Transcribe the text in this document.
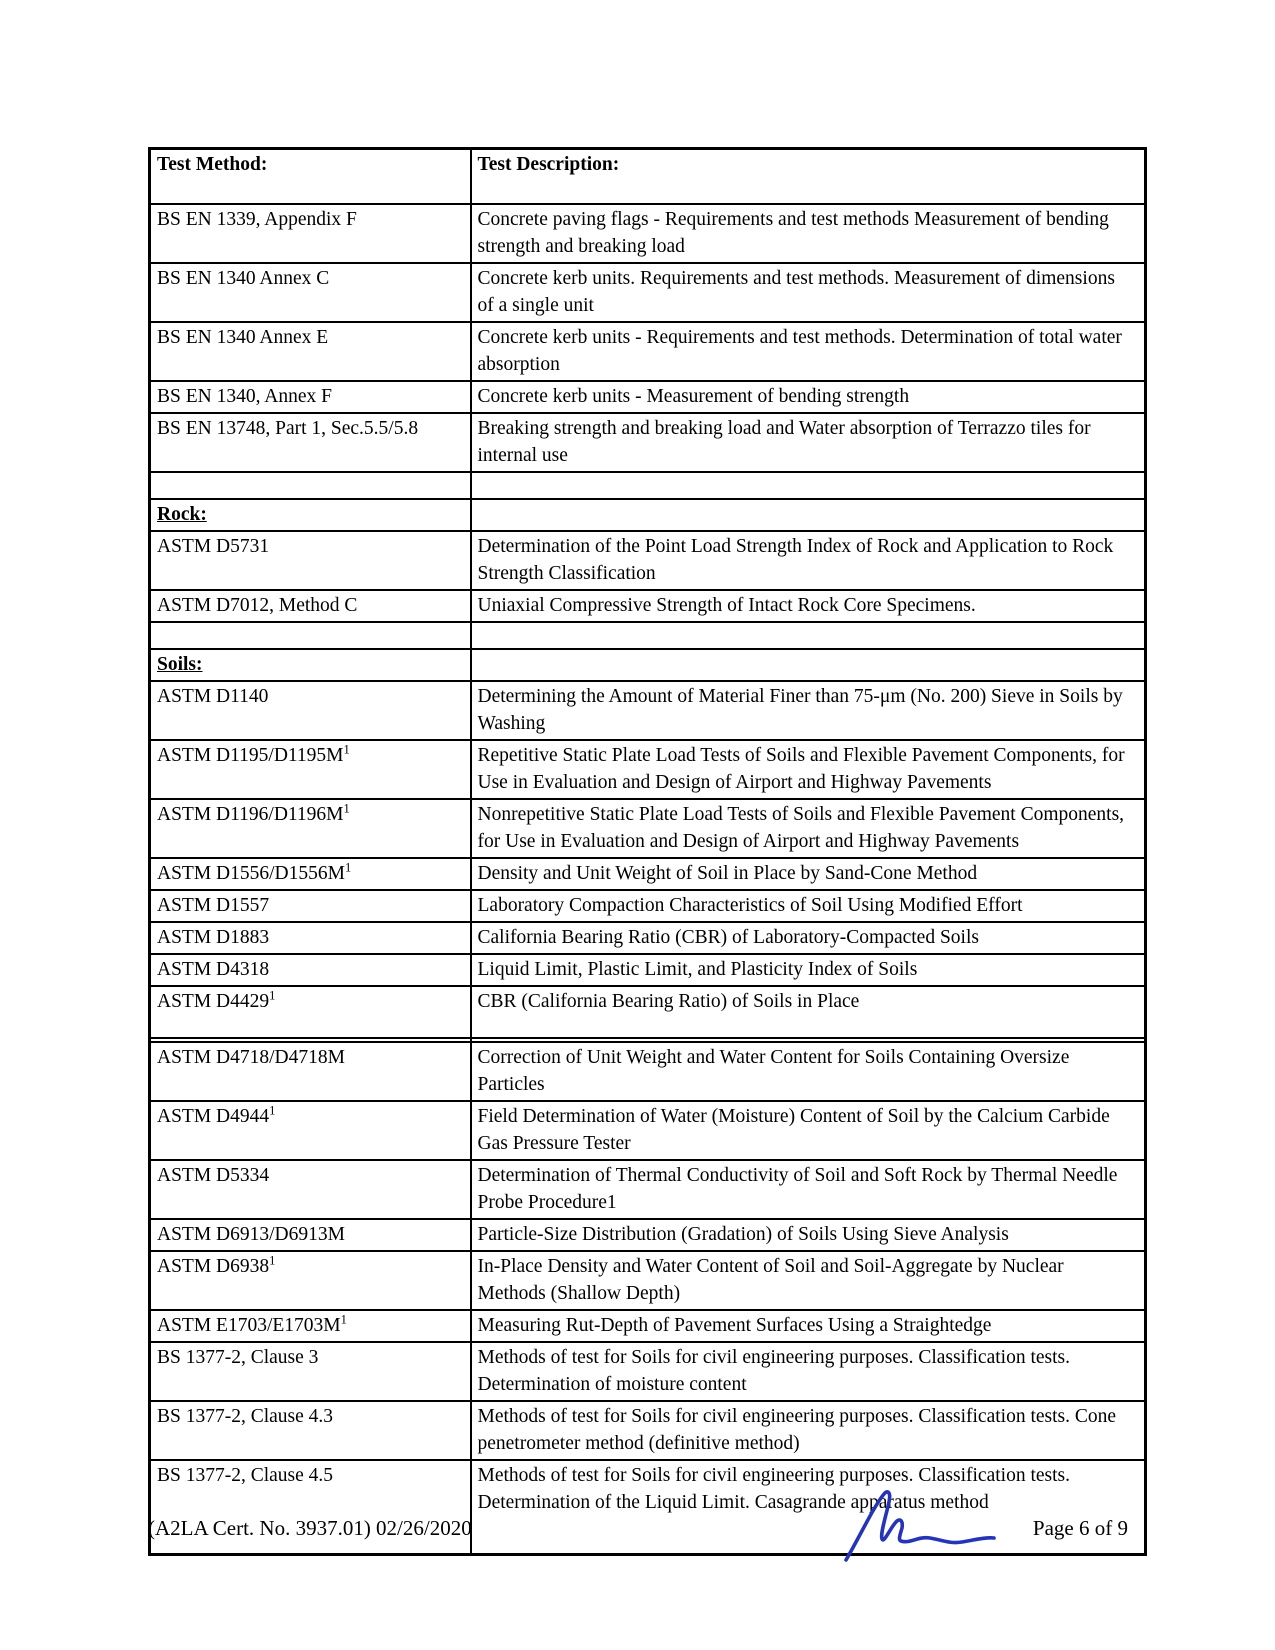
Test Method:	Test Description:
BS EN 1339, Appendix F	Concrete paving flags - Requirements and test methods Measurement of bending strength and breaking load
BS EN 1340 Annex C	Concrete kerb units. Requirements and test methods. Measurement of dimensions of a single unit
BS EN 1340 Annex E	Concrete kerb units - Requirements and test methods. Determination of total water absorption
BS EN 1340, Annex F	Concrete kerb units - Measurement of bending strength
BS EN 13748, Part 1, Sec.5.5/5.8	Breaking strength and breaking load and Water absorption of Terrazzo tiles for internal use

Rock:	
ASTM D5731	Determination of the Point Load Strength Index of Rock and Application to Rock Strength Classification
ASTM D7012, Method C	Uniaxial Compressive Strength of Intact Rock Core Specimens.

Soils:	
ASTM D1140	Determining the Amount of Material Finer than 75-μm (No. 200) Sieve in Soils by Washing
ASTM D1195/D1195M$^1$	Repetitive Static Plate Load Tests of Soils and Flexible Pavement Components, for Use in Evaluation and Design of Airport and Highway Pavements
ASTM D1196/D1196M$^1$	Nonrepetitive Static Plate Load Tests of Soils and Flexible Pavement Components, for Use in Evaluation and Design of Airport and Highway Pavements
ASTM D1556/D1556M$^1$	Density and Unit Weight of Soil in Place by Sand-Cone Method
ASTM D1557	Laboratory Compaction Characteristics of Soil Using Modified Effort
ASTM D1883	California Bearing Ratio (CBR) of Laboratory-Compacted Soils
ASTM D4318	Liquid Limit, Plastic Limit, and Plasticity Index of Soils
ASTM D4429$^1$	CBR (California Bearing Ratio) of Soils in Place

ASTM D4718/D4718M	Correction of Unit Weight and Water Content for Soils Containing Oversize Particles
ASTM D4944$^1$	Field Determination of Water (Moisture) Content of Soil by the Calcium Carbide Gas Pressure Tester
ASTM D5334	Determination of Thermal Conductivity of Soil and Soft Rock by Thermal Needle Probe Procedure1
ASTM D6913/D6913M	Particle-Size Distribution (Gradation) of Soils Using Sieve Analysis
ASTM D6938$^1$	In-Place Density and Water Content of Soil and Soil-Aggregate by Nuclear Methods (Shallow Depth)
ASTM E1703/E1703M$^1$	Measuring Rut-Depth of Pavement Surfaces Using a Straightedge
BS 1377-2, Clause 3	Methods of test for Soils for civil engineering purposes. Classification tests. Determination of moisture content
BS 1377-2, Clause 4.3	Methods of test for Soils for civil engineering purposes. Classification tests. Cone penetrometer method (definitive method)
BS 1377-2, Clause 4.5	Methods of test for Soils for civil engineering purposes. Classification tests. Determination of the Liquid Limit. Casagrande apparatus method
(A2LA Cert. No. 3937.01) 02/26/2020	Page 6 of 9
